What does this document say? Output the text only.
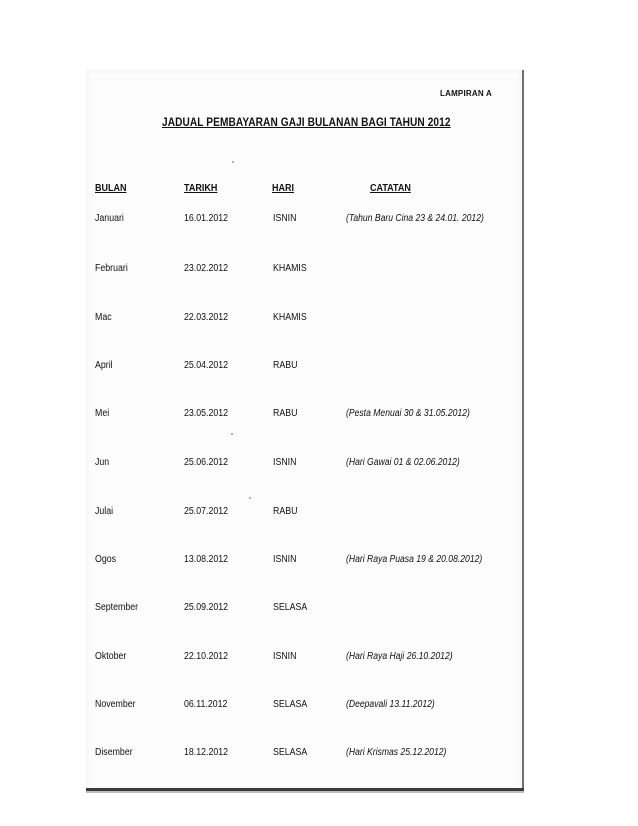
LAMPIRAN A
JADUAL PEMBAYARAN GAJI BULANAN BAGI TAHUN 2012
BULAN	TARIKH	HARI	CATATAN
Januari	16.01.2012	ISNIN	(Tahun Baru Cina 23 & 24.01. 2012)
Februari	23.02.2012	KHAMIS
Mac	22.03.2012	KHAMIS
April	25.04.2012	RABU
Mei	23.05.2012	RABU	(Pesta Menuai 30 & 31.05.2012)
Jun	25.06.2012	ISNIN	(Hari Gawai 01 & 02.06.2012)
Julai	25.07.2012	RABU
Ogos	13.08.2012	ISNIN	(Hari Raya Puasa 19 & 20.08.2012)
September	25.09.2012	SELASA
Oktober	22.10.2012	ISNIN	(Hari Raya Haji 26.10.2012)
November	06.11.2012	SELASA	(Deepavali 13.11.2012)
Disember	18.12.2012	SELASA	(Hari Krismas 25.12.2012)
